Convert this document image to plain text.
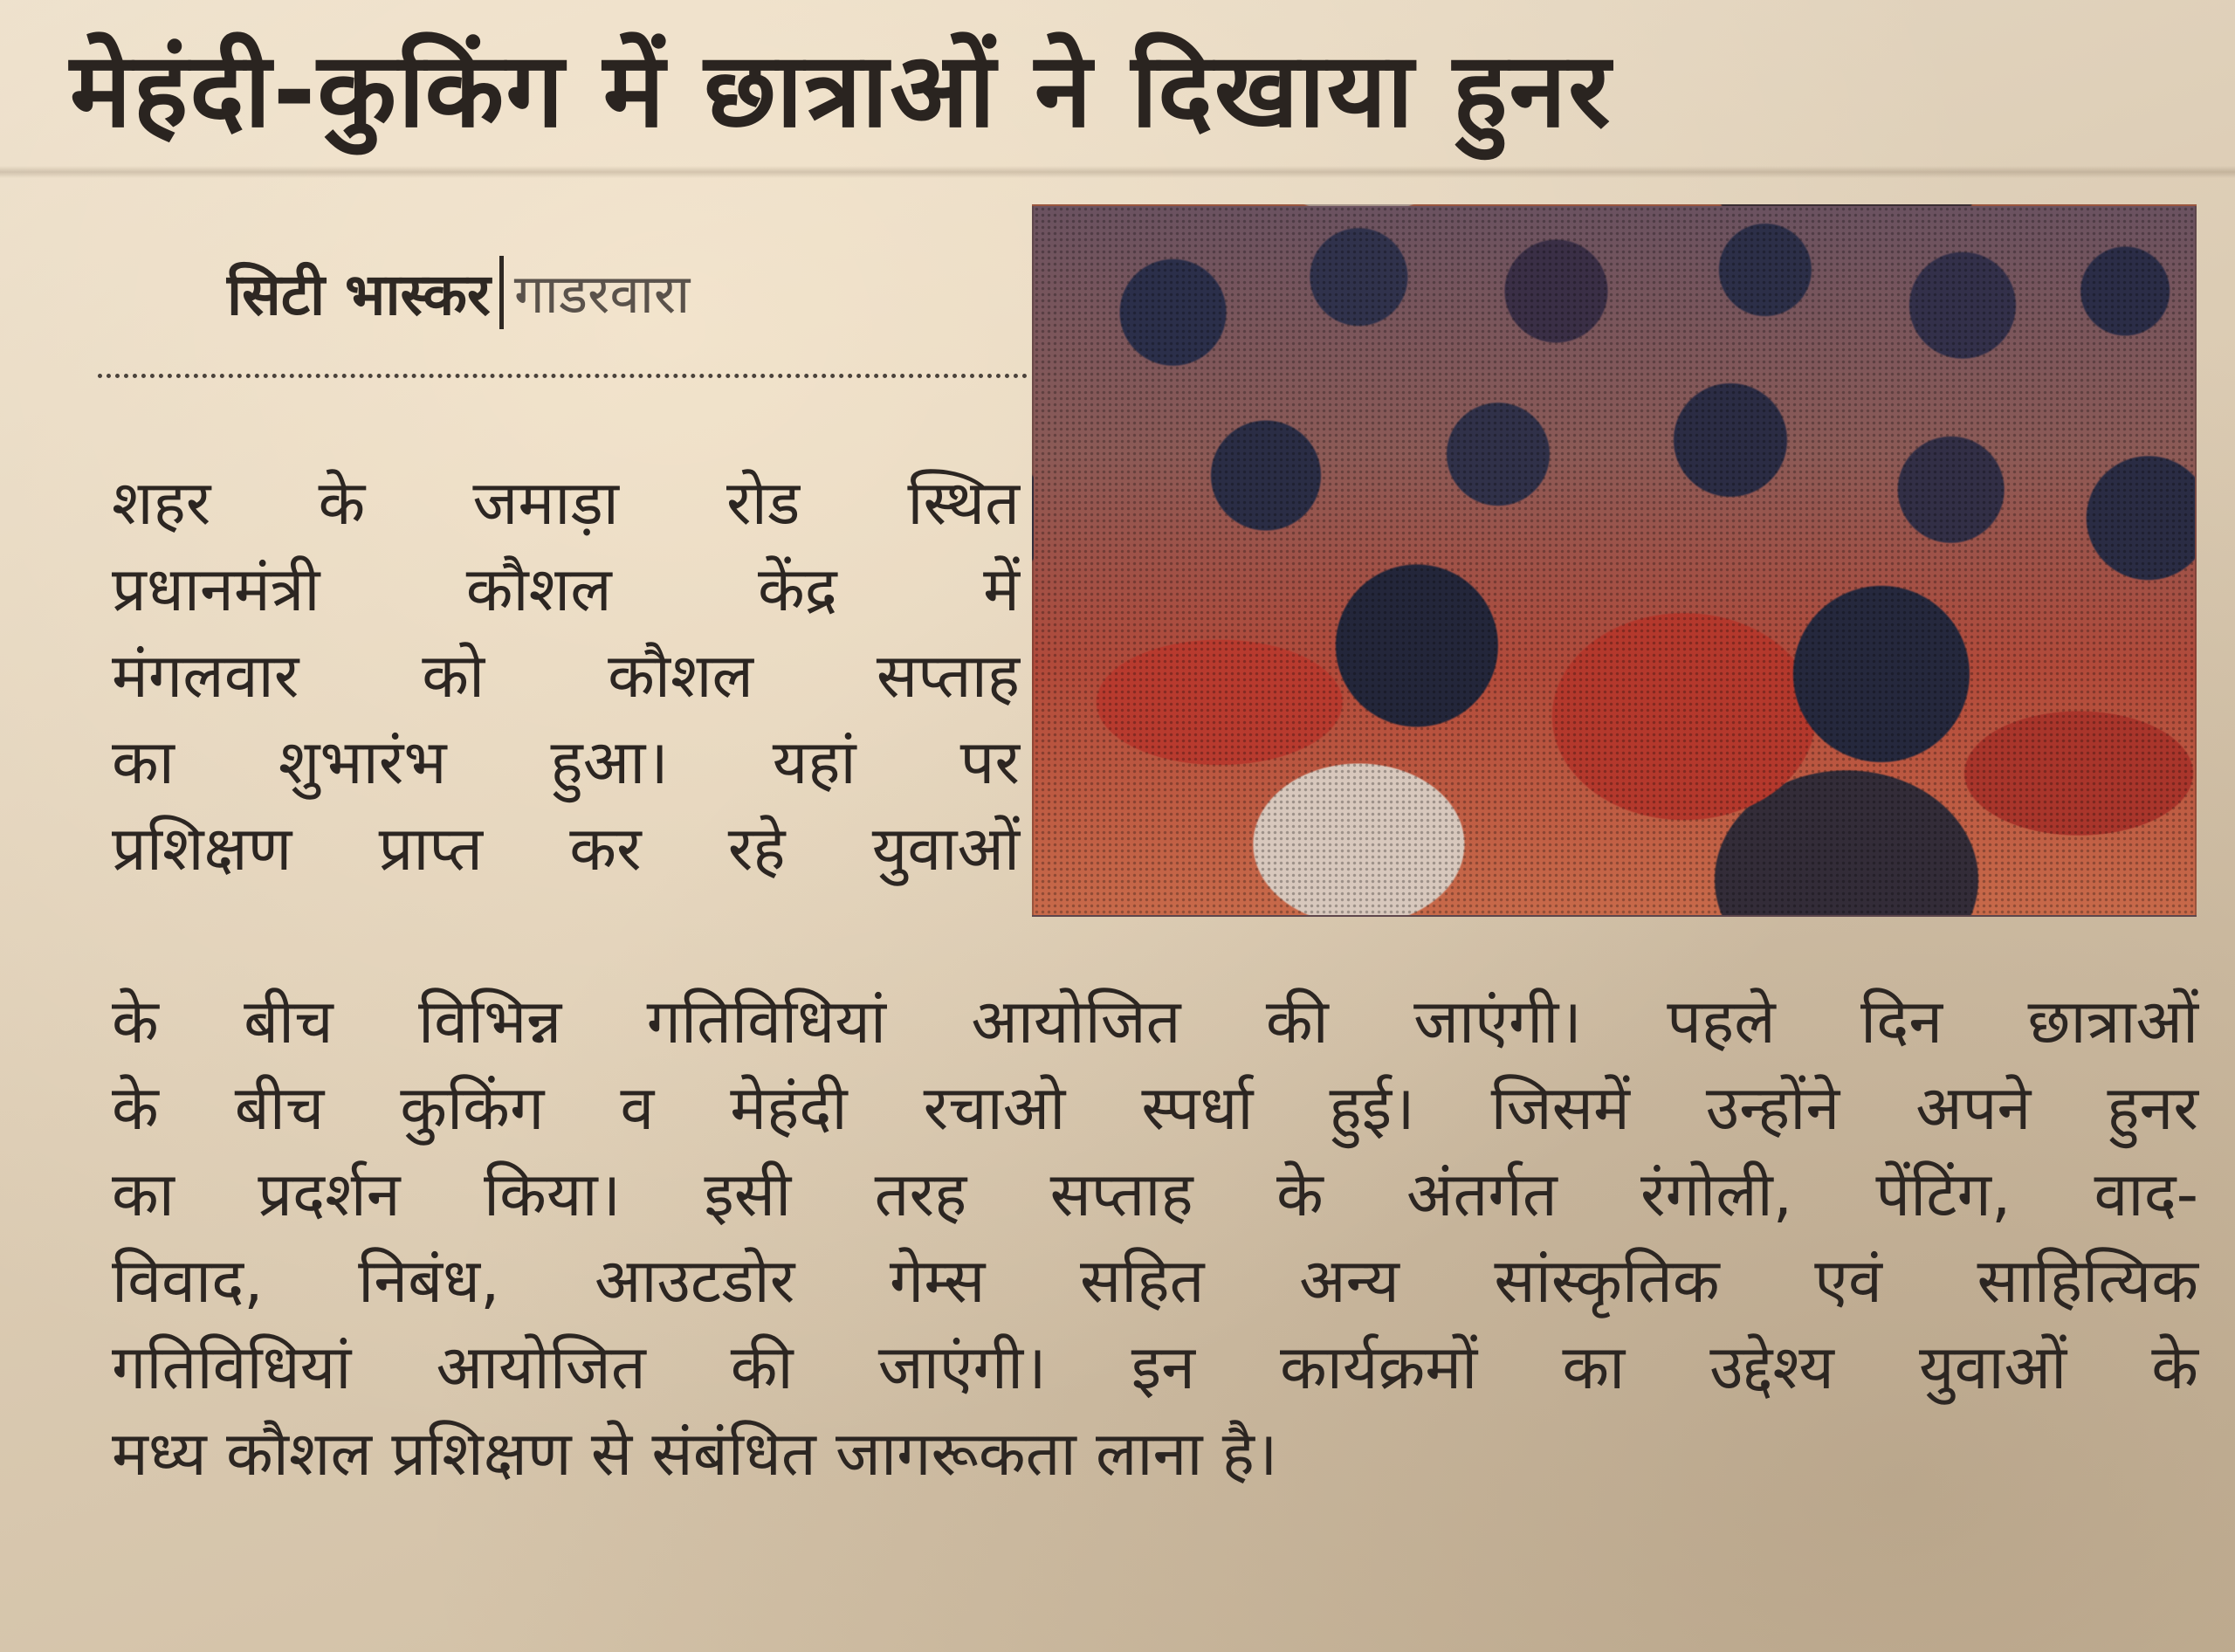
मेहंदी-कुकिंग में छात्राओं ने दिखाया हुनर
सिटी भास्कर गाडरवारा
शहर के जमाड़ा रोड स्थित
प्रधानमंत्री कौशल केंद्र में
मंगलवार को कौशल सप्ताह
का शुभारंभ हुआ। यहां पर
प्रशिक्षण प्राप्त कर रहे युवाओं
के बीच विभिन्न गतिविधियां आयोजित की जाएंगी। पहले दिन छात्राओं
के बीच कुकिंग व मेहंदी रचाओ स्पर्धा हुई। जिसमें उन्होंने अपने हुनर
का प्रदर्शन किया। इसी तरह सप्ताह के अंतर्गत रंगोली, पेंटिंग, वाद-
विवाद, निबंध, आउटडोर गेम्स सहित अन्य सांस्कृतिक एवं साहित्यिक
गतिविधियां आयोजित की जाएंगी। इन कार्यक्रमों का उद्देश्य युवाओं के
मध्य कौशल प्रशिक्षण से संबंधित जागरूकता लाना है।
